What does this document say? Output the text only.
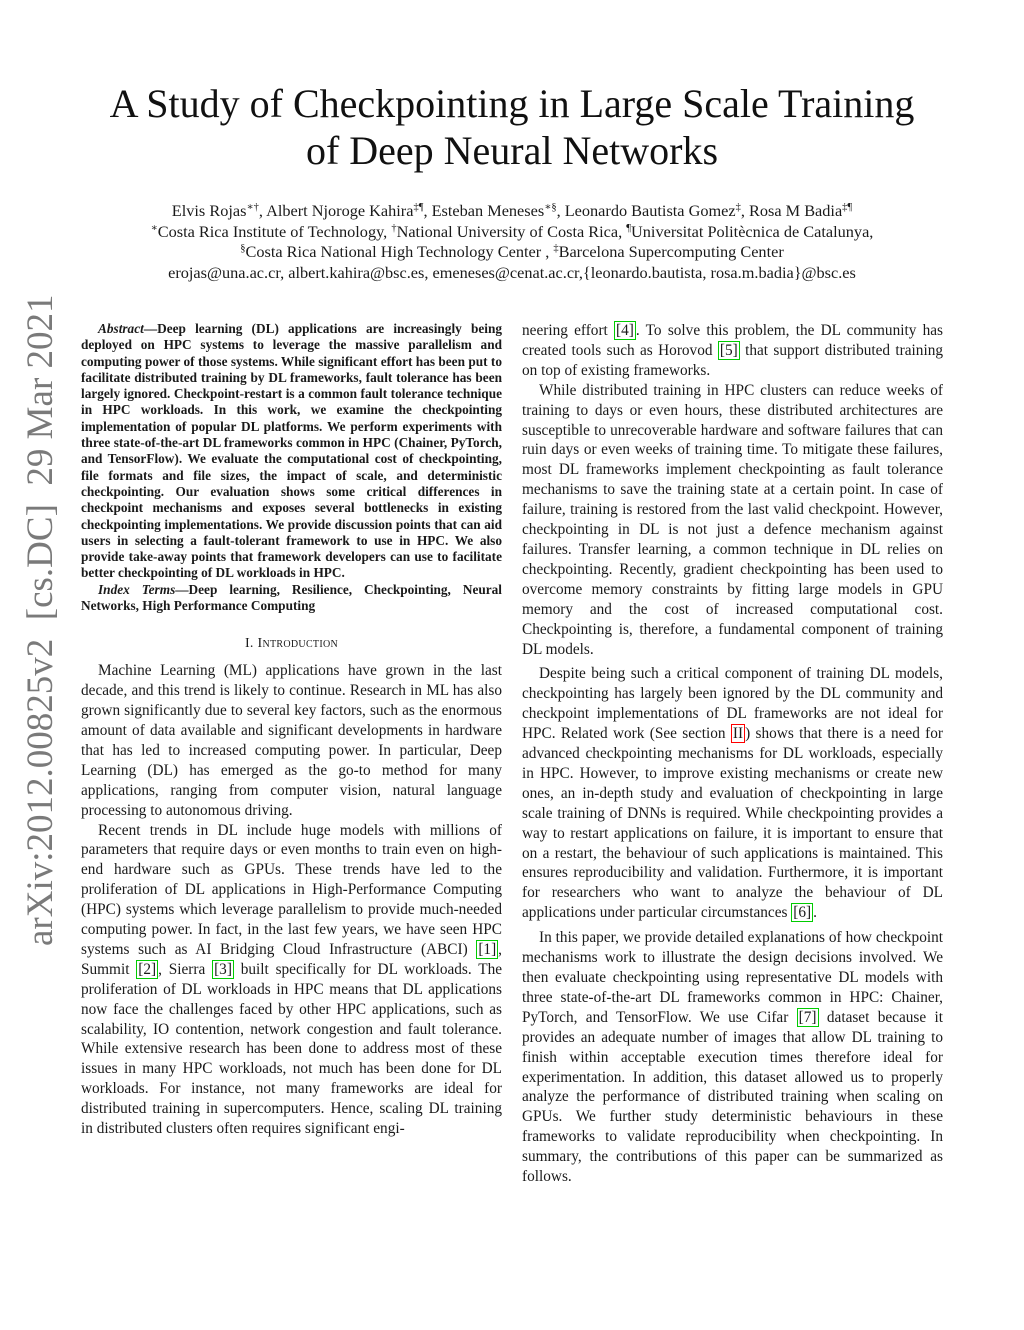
arXiv:2012.00825v2  [cs.DC]  29 Mar 2021
A Study of Checkpointing in Large Scale Training
of Deep Neural Networks
Elvis Rojas∗†, Albert Njoroge Kahira‡¶, Esteban Meneses∗§, Leonardo Bautista Gomez‡, Rosa M Badia‡¶
∗Costa Rica Institute of Technology, †National University of Costa Rica, ¶Universitat Politècnica de Catalunya,
§Costa Rica National High Technology Center , ‡Barcelona Supercomputing Center
erojas@una.ac.cr, albert.kahira@bsc.es, emeneses@cenat.ac.cr,{leonardo.bautista, rosa.m.badia}@bsc.es

Abstract—Deep learning (DL) applications are increasingly being deployed on HPC systems to leverage the massive parallelism and computing power of those systems. While significant effort has been put to facilitate distributed training by DL frameworks, fault tolerance has been largely ignored. Checkpoint-restart is a common fault tolerance technique in HPC workloads. In this work, we examine the checkpointing implementation of popular DL platforms. We perform experiments with three state-of-the-art DL frameworks common in HPC (Chainer, PyTorch, and TensorFlow). We evaluate the computational cost of checkpointing, file formats and file sizes, the impact of scale, and deterministic checkpointing. Our evaluation shows some critical differences in checkpoint mechanisms and exposes several bottlenecks in existing checkpointing implementations. We provide discussion points that can aid users in selecting a fault-tolerant framework to use in HPC. We also provide take-away points that framework developers can use to facilitate better checkpointing of DL workloads in HPC.

Index Terms—Deep learning, Resilience, Checkpointing, Neural Networks, High Performance Computing

I. Introduction

Machine Learning (ML) applications have grown in the last decade, and this trend is likely to continue. Research in ML has also grown significantly due to several key factors, such as the enormous amount of data available and significant developments in hardware that has led to increased computing power. In particular, Deep Learning (DL) has emerged as the go-to method for many applications, ranging from computer vision, natural language processing to autonomous driving.

Recent trends in DL include huge models with millions of parameters that require days or even months to train even on high-end hardware such as GPUs. These trends have led to the proliferation of DL applications in High-Performance Computing (HPC) systems which leverage parallelism to provide much-needed computing power. In fact, in the last few years, we have seen HPC systems such as AI Bridging Cloud Infrastructure (ABCI) [1] , Summit [2] , Sierra [3] built specifically for DL workloads. The proliferation of DL workloads in HPC means that DL applications now face the challenges faced by other HPC applications, such as scalability, IO contention, network congestion and fault tolerance. While extensive research has been done to address most of these issues in many HPC workloads, not much has been done for DL workloads. For instance, not many frameworks are ideal for distributed training in supercomputers. Hence, scaling DL training in distributed clusters often requires significant engi-

neering effort [4] . To solve this problem, the DL community has created tools such as Horovod [5] that support distributed training on top of existing frameworks.

While distributed training in HPC clusters can reduce weeks of training to days or even hours, these distributed architectures are susceptible to unrecoverable hardware and software failures that can ruin days or even weeks of training time. To mitigate these failures, most DL frameworks implement checkpointing as fault tolerance mechanisms to save the training state at a certain point. In case of failure, training is restored from the last valid checkpoint. However, checkpointing in DL is not just a defence mechanism against failures. Transfer learning, a common technique in DL relies on checkpointing. Recently, gradient checkpointing has been used to overcome memory constraints by fitting large models in GPU memory and the cost of increased computational cost. Checkpointing is, therefore, a fundamental component of training DL models.

Despite being such a critical component of training DL models, checkpointing has largely been ignored by the DL community and checkpoint implementations of DL frameworks are not ideal for HPC. Related work (See section II ) shows that there is a need for advanced checkpointing mechanisms for DL workloads, especially in HPC. However, to improve existing mechanisms or create new ones, an in-depth study and evaluation of checkpointing in large scale training of DNNs is required. While checkpointing provides a way to restart applications on failure, it is important to ensure that on a restart, the behaviour of such applications is maintained. This ensures reproducibility and validation. Furthermore, it is important for researchers who want to analyze the behaviour of DL applications under particular circumstances [6] .

In this paper, we provide detailed explanations of how checkpoint mechanisms work to illustrate the design decisions involved. We then evaluate checkpointing using representative DL models with three state-of-the-art DL frameworks common in HPC: Chainer, PyTorch, and TensorFlow. We use Cifar [7] dataset because it provides an adequate number of images that allow DL training to finish within acceptable execution times therefore ideal for experimentation. In addition, this dataset allowed us to properly analyze the performance of distributed training when scaling on GPUs. We further study deterministic behaviours in these frameworks to validate reproducibility when checkpointing. In summary, the contributions of this paper can be summarized as follows.
